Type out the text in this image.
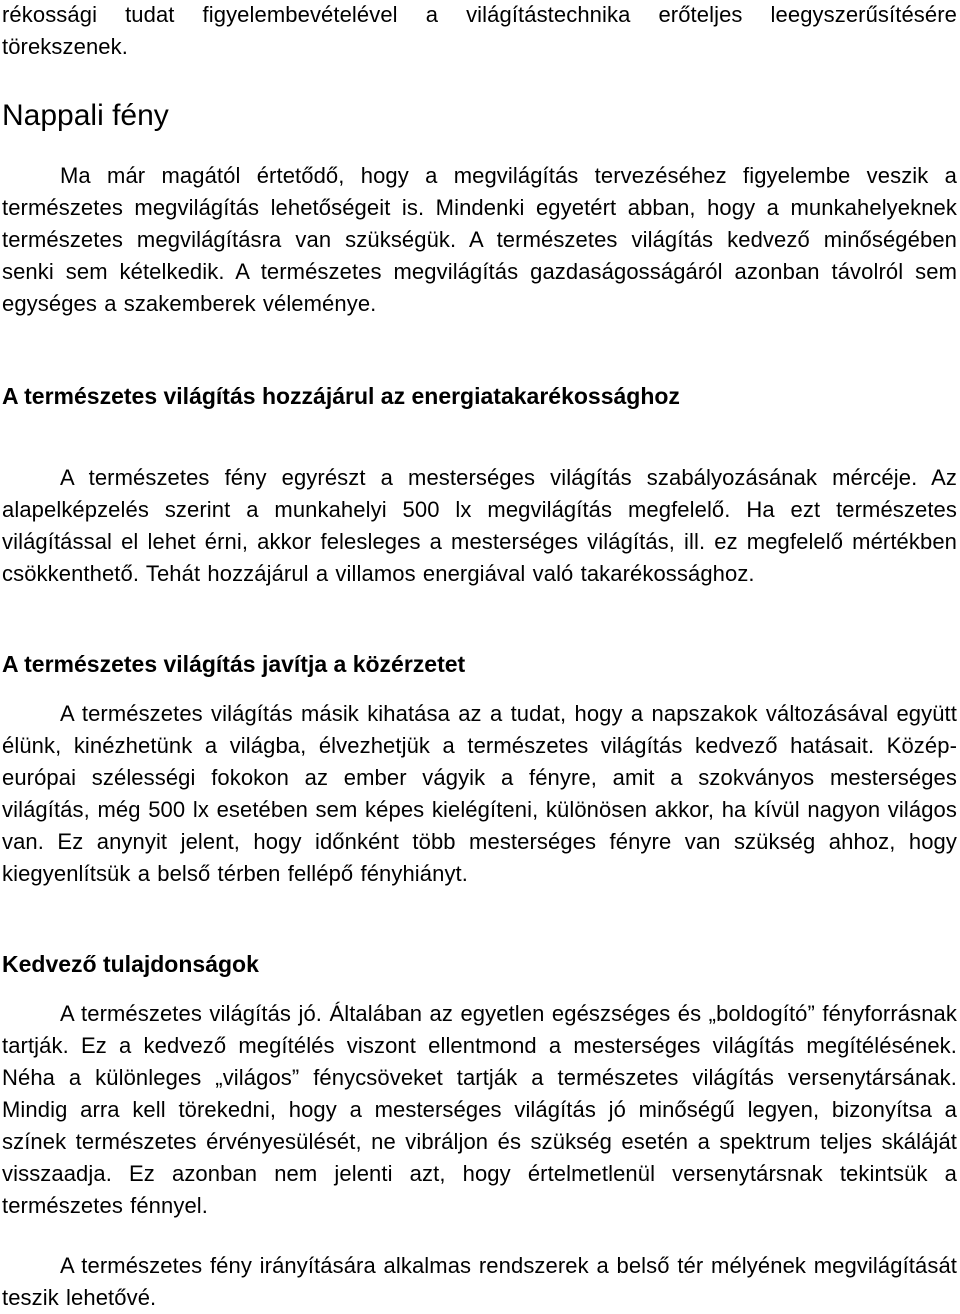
rékossági tudat figyelembevételével a világítástechnika erőteljes leegyszerűsítésére törekszenek.

Nappali fény

Ma már magától értetődő, hogy a megvilágítás tervezéséhez figyelembe veszik a természetes megvilágítás lehetőségeit is. Mindenki egyetért abban, hogy a munkahelyeknek természetes megvilágításra van szükségük. A természetes világítás kedvező minőségében senki sem kételkedik. A természetes megvilágítás gazdaságosságáról azonban távolról sem egységes a szakemberek véleménye.

A természetes világítás hozzájárul az energiatakarékossághoz

A természetes fény egyrészt a mesterséges világítás szabályozásának mércéje. Az alapelképzelés szerint a munkahelyi 500 lx megvilágítás megfelelő. Ha ezt természetes világítással el lehet érni, akkor felesleges a mesterséges világítás, ill. ez megfelelő mértékben csökkenthető. Tehát hozzájárul a villamos energiával való takarékossághoz.

A természetes világítás javítja a közérzetet

A természetes világítás másik kihatása az a tudat, hogy a napszakok változásával együtt élünk, kinézhetünk a világba, élvezhetjük a természetes világítás kedvező hatásait. Közép-európai szélességi fokokon az ember vágyik a fényre, amit a szokványos mesterséges világítás, még 500 lx esetében sem képes kielégíteni, különösen akkor, ha kívül nagyon világos van. Ez anynyit jelent, hogy időnként több mesterséges fényre van szükség ahhoz, hogy kiegyenlítsük a belső térben fellépő fényhiányt.

Kedvező tulajdonságok

A természetes világítás jó. Általában az egyetlen egészséges és „boldogító” fényforrásnak tartják. Ez a kedvező megítélés viszont ellentmond a mesterséges világítás megítélésének. Néha a különleges „világos” fénycsöveket tartják a természetes világítás versenytársának. Mindig arra kell törekedni, hogy a mesterséges világítás jó minőségű legyen, bizonyítsa a színek természetes érvényesülését, ne vibráljon és szükség esetén a spektrum teljes skáláját visszaadja. Ez azonban nem jelenti azt, hogy értelmetlenül versenytársnak tekintsük a természetes fénnyel.

A természetes fény irányítására alkalmas rendszerek a belső tér mélyének megvilágítását teszik lehetővé.
